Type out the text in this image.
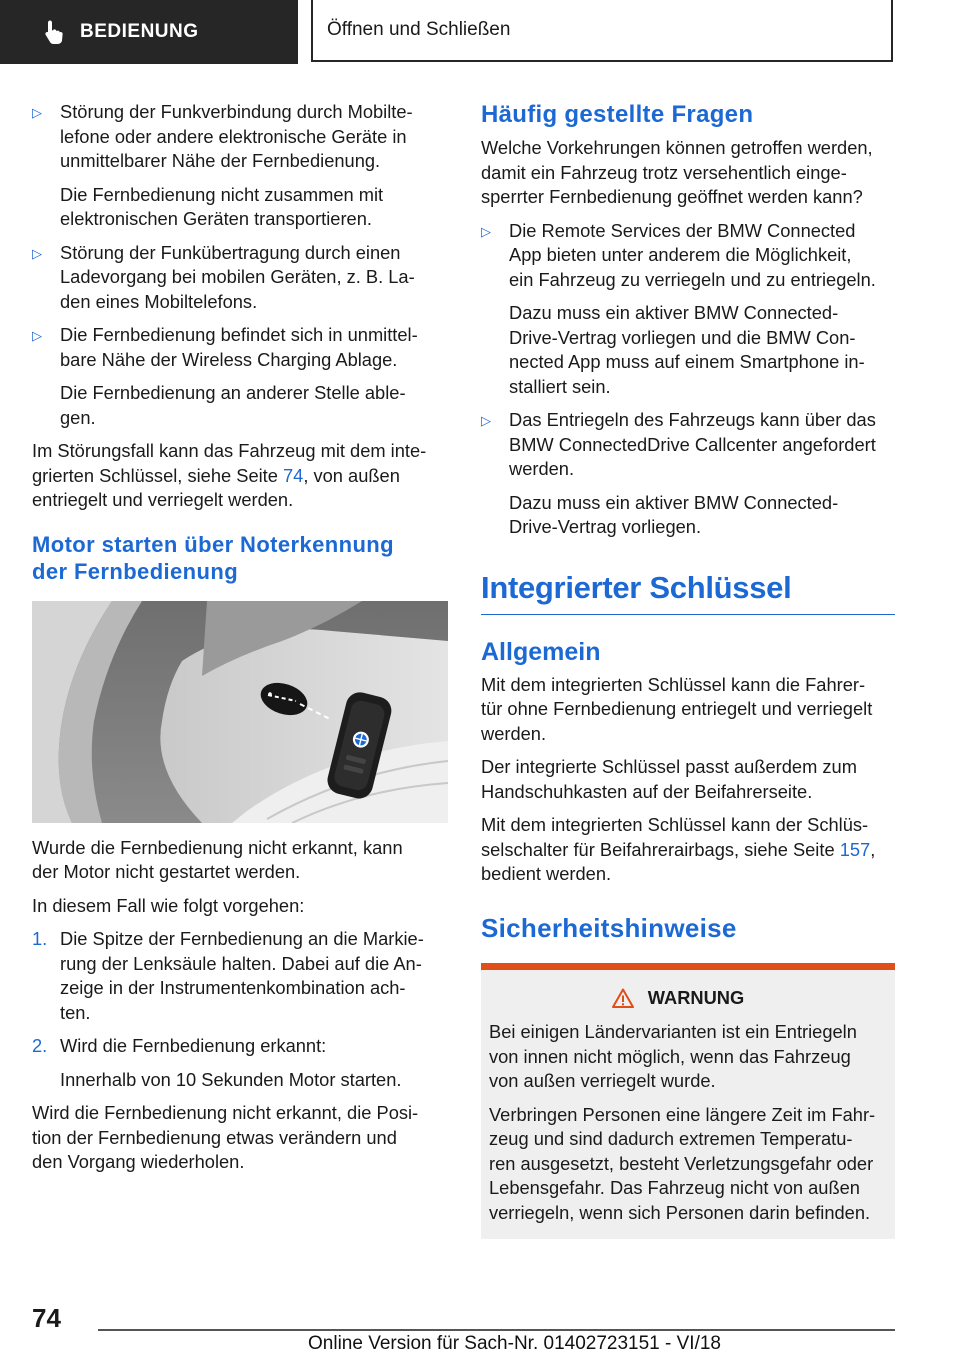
BEDIENUNG	Öffnen und Schließen
▷ Störung der Funkverbindung durch Mobilte-
lefone oder andere elektronische Geräte in
unmittelbarer Nähe der Fernbedienung.

Die Fernbedienung nicht zusammen mit
elektronischen Geräten transportieren.

▷ Störung der Funkübertragung durch einen
Ladevorgang bei mobilen Geräten, z. B. La-
den eines Mobiltelefons.

▷ Die Fernbedienung befindet sich in unmittel-
bare Nähe der Wireless Charging Ablage.

Die Fernbedienung an anderer Stelle able-
gen.

Im Störungsfall kann das Fahrzeug mit dem inte-
grierten Schlüssel, siehe Seite 74, von außen
entriegelt und verriegelt werden.

Motor starten über Noterkennung
der Fernbedienung

Wurde die Fernbedienung nicht erkannt, kann
der Motor nicht gestartet werden.

In diesem Fall wie folgt vorgehen:

1. Die Spitze der Fernbedienung an die Markie-
rung der Lenksäule halten. Dabei auf die An-
zeige in der Instrumentenkombination ach-
ten.

2. Wird die Fernbedienung erkannt:

Innerhalb von 10 Sekunden Motor starten.

Wird die Fernbedienung nicht erkannt, die Posi-
tion der Fernbedienung etwas verändern und
den Vorgang wiederholen.

Häufig gestellte Fragen

Welche Vorkehrungen können getroffen werden,
damit ein Fahrzeug trotz versehentlich einge-
sperrter Fernbedienung geöffnet werden kann?

▷ Die Remote Services der BMW Connected
App bieten unter anderem die Möglichkeit,
ein Fahrzeug zu verriegeln und zu entriegeln.

Dazu muss ein aktiver BMW Connected-
Drive-Vertrag vorliegen und die BMW Con-
nected App muss auf einem Smartphone in-
stalliert sein.

▷ Das Entriegeln des Fahrzeugs kann über das
BMW ConnectedDrive Callcenter angefordert
werden.

Dazu muss ein aktiver BMW Connected-
Drive-Vertrag vorliegen.

Integrierter Schlüssel
Allgemein

Mit dem integrierten Schlüssel kann die Fahrer-
tür ohne Fernbedienung entriegelt und verriegelt
werden.

Der integrierte Schlüssel passt außerdem zum
Handschuhkasten auf der Beifahrerseite.

Mit dem integrierten Schlüssel kann der Schlüs-
selschalter für Beifahrerairbags, siehe Seite 157,
bedient werden.

Sicherheitshinweise
WARNUNG

Bei einigen Ländervarianten ist ein Entriegeln
von innen nicht möglich, wenn das Fahrzeug
von außen verriegelt wurde.

Verbringen Personen eine längere Zeit im Fahr-
zeug und sind dadurch extremen Temperatu-
ren ausgesetzt, besteht Verletzungsgefahr oder
Lebensgefahr. Das Fahrzeug nicht von außen
verriegeln, wenn sich Personen darin befinden.

74
Online Version für Sach-Nr. 01402723151 - VI/18
